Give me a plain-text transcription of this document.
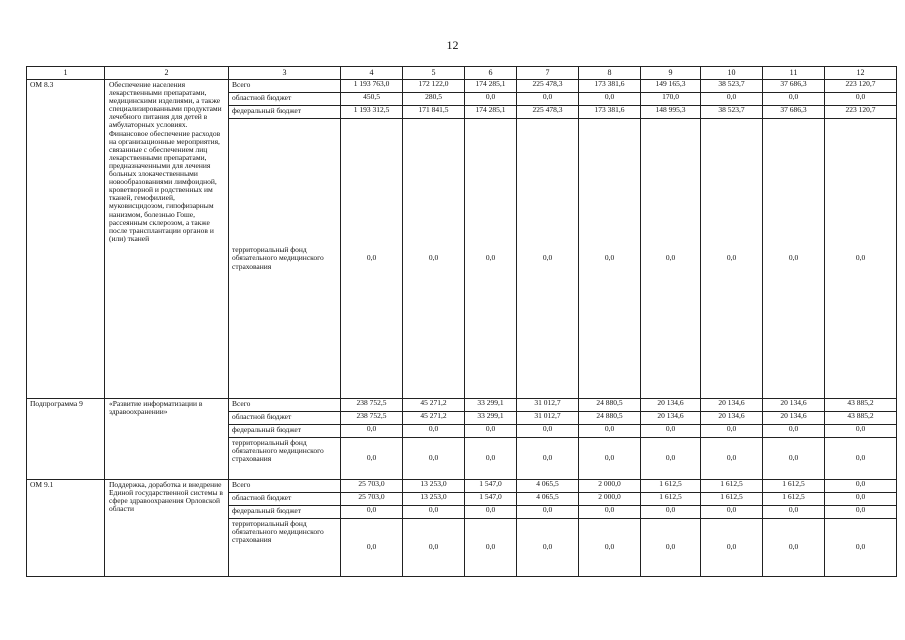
12
1	2	3	4	5	6	7	8	9	10	11	12
ОМ 8.3	Обеспечение населения лекарственными препаратами, медицинскими изделиями, а также специализированными продуктами лечебного питания для детей в амбулаторных условиях. Финансовое обеспечение расходов на организационные мероприятия, связанные с обеспечением лиц лекарственными препаратами, предназначенными для лечения больных злокачественными новообразованиями лимфоидной, кроветворной и родственных им тканей, гемофилией, муковисцидозом, гипофизарным нанизмом, болезнью Гоше, рассеянным склерозом, а также после трансплантации органов и (или) тканей	Всего	1 193 763,0	172 122,0	174 285,1	225 478,3	173 381,6	149 165,3	38 523,7	37 686,3	223 120,7
		областной бюджет	450,5	280,5	0,0	0,0	0,0	170,0	0,0	0,0	0,0
		федеральный бюджет	1 193 312,5	171 841,5	174 285,1	225 478,3	173 381,6	148 995,3	38 523,7	37 686,3	223 120,7
		территориальный фонд обязательного медицинского страхования	0,0	0,0	0,0	0,0	0,0	0,0	0,0	0,0	0,0
Подпрограмма 9	«Развитие информатизации в здравоохранении»	Всего	238 752,5	45 271,2	33 299,1	31 012,7	24 880,5	20 134,6	20 134,6	20 134,6	43 885,2
		областной бюджет	238 752,5	45 271,2	33 299,1	31 012,7	24 880,5	20 134,6	20 134,6	20 134,6	43 885,2
		федеральный бюджет	0,0	0,0	0,0	0,0	0,0	0,0	0,0	0,0	0,0
		территориальный фонд обязательного медицинского страхования	0,0	0,0	0,0	0,0	0,0	0,0	0,0	0,0	0,0
ОМ 9.1	Поддержка, доработка и внедрение Единой государственной системы в сфере здравоохранения Орловской области	Всего	25 703,0	13 253,0	1 547,0	4 065,5	2 000,0	1 612,5	1 612,5	1 612,5	0,0
		областной бюджет	25 703,0	13 253,0	1 547,0	4 065,5	2 000,0	1 612,5	1 612,5	1 612,5	0,0
		федеральный бюджет	0,0	0,0	0,0	0,0	0,0	0,0	0,0	0,0	0,0
		территориальный фонд обязательного медицинского страхования	0,0	0,0	0,0	0,0	0,0	0,0	0,0	0,0	0,0
